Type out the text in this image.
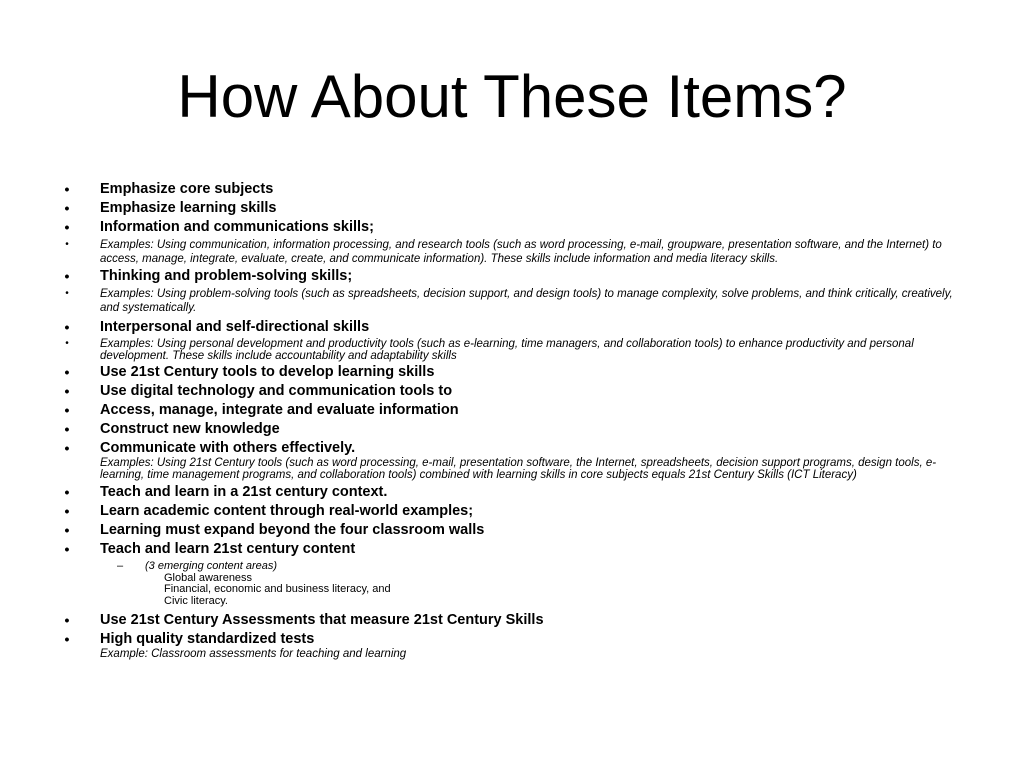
How About These Items?
•	Emphasize core subjects
•	Emphasize learning skills
•	Information and communications skills;
•	Examples: Using communication, information processing, and research tools (such as word processing, e-mail, groupware, presentation software, and the Internet) to access, manage, integrate, evaluate, create, and communicate information). These skills include information and media literacy skills.
•	Thinking and problem-solving skills;
•	Examples: Using problem-solving tools (such as spreadsheets, decision support, and design tools) to manage complexity, solve problems, and think critically, creatively, and systematically.
•	Interpersonal and self-directional skills
•	Examples: Using personal development and productivity tools (such as e-learning, time managers, and collaboration tools) to enhance productivity and personal development. These skills include accountability and adaptability skills
•	Use 21st Century tools to develop learning skills
•	Use digital technology and communication tools to
•	Access, manage, integrate and evaluate information
•	Construct new knowledge
•	Communicate with others effectively.
Examples: Using 21st Century tools (such as word processing, e-mail, presentation software, the Internet, spreadsheets, decision support programs, design tools, e-learning, time management programs, and collaboration tools) combined with learning skills in core subjects equals 21st Century Skills (ICT Literacy)
•	Teach and learn in a 21st century context.
•	Learn academic content through real-world examples;
•	Learning must expand beyond the four classroom walls
•	Teach and learn 21st century content
– (3 emerging content areas)
Global awareness
Financial, economic and business literacy, and
Civic literacy.
•	Use 21st Century Assessments that measure 21st Century Skills
•	High quality standardized tests
Example: Classroom assessments for teaching and learning
